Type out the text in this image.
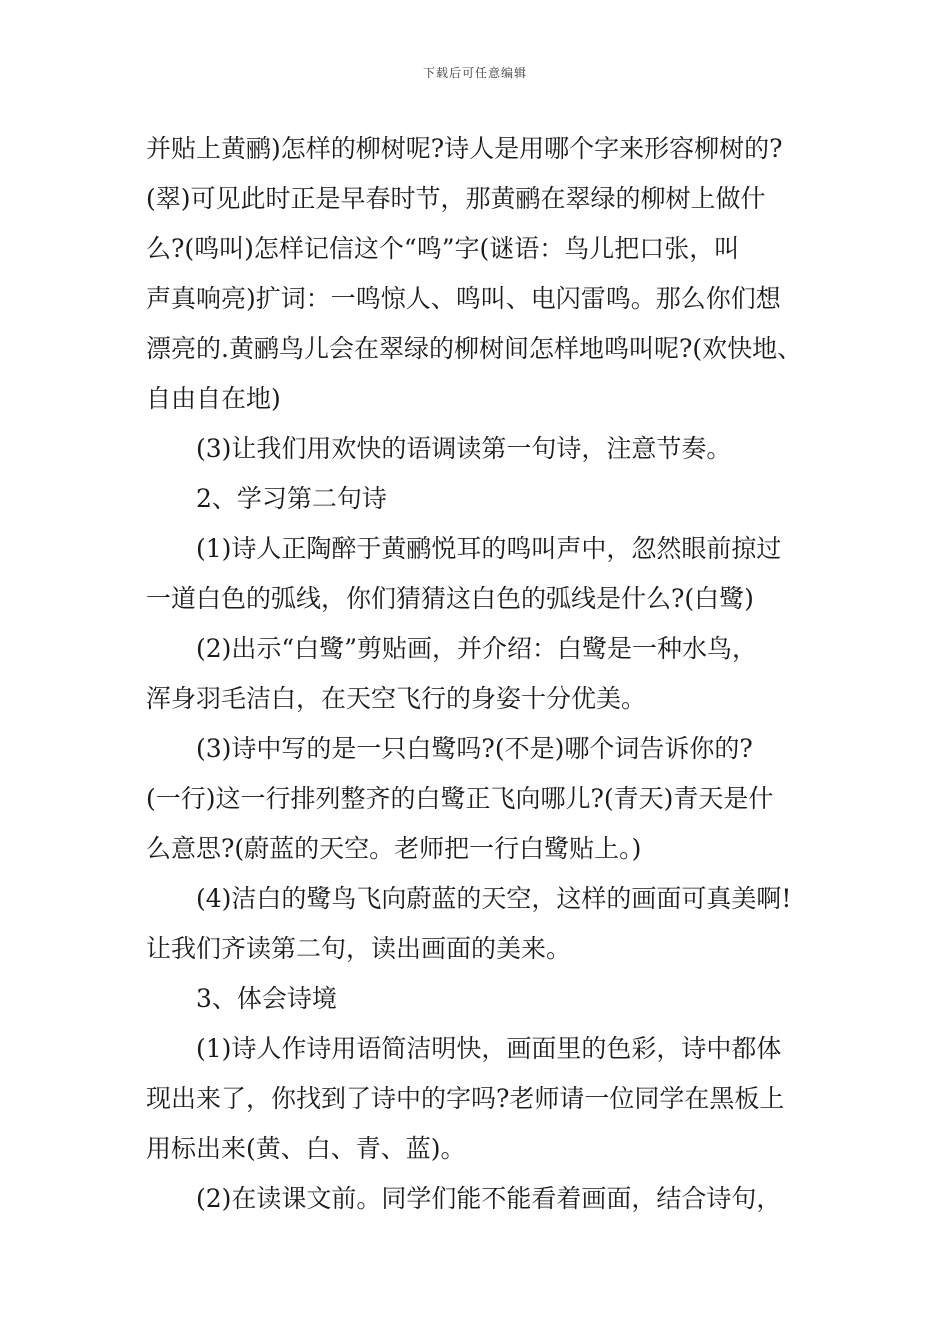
下载后可任意编辑
并贴上黄鹂)怎样的柳树呢?诗人是用哪个字来形容柳树的?
(翠)可见此时正是早春时节，那黄鹂在翠绿的柳树上做什
么?(鸣叫)怎样记信这个“鸣”字(谜语：鸟儿把口张，叫
声真响亮)扩词：一鸣惊人、鸣叫、电闪雷鸣。那么你们想
漂亮的.黄鹂鸟儿会在翠绿的柳树间怎样地鸣叫呢?(欢快地、
自由自在地)
(3)让我们用欢快的语调读第一句诗，注意节奏。
2、学习第二句诗
(1)诗人正陶醉于黄鹂悦耳的鸣叫声中，忽然眼前掠过
一道白色的弧线，你们猜猜这白色的弧线是什么?(白鹭)
(2)出示“白鹭”剪贴画，并介绍：白鹭是一种水鸟，
浑身羽毛洁白，在天空飞行的身姿十分优美。
(3)诗中写的是一只白鹭吗?(不是)哪个词告诉你的?
(一行)这一行排列整齐的白鹭正飞向哪儿?(青天)青天是什
么意思?(蔚蓝的天空。老师把一行白鹭贴上。)
(4)洁白的鹭鸟飞向蔚蓝的天空，这样的画面可真美啊!
让我们齐读第二句，读出画面的美来。
3、体会诗境
(1)诗人作诗用语简洁明快，画面里的色彩，诗中都体
现出来了，你找到了诗中的字吗?老师请一位同学在黑板上
用标出来(黄、白、青、蓝)。
(2)在读课文前。同学们能不能看着画面，结合诗句，
